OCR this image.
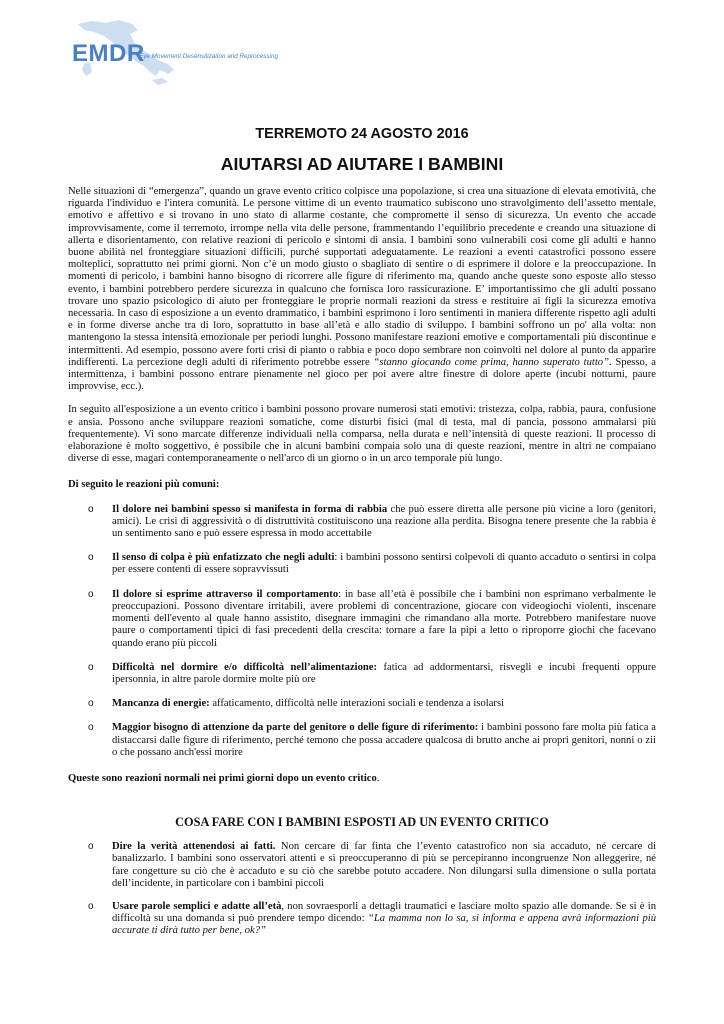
EMDR
Eye Movement Desensitization and Reprocessing
TERREMOTO 24 AGOSTO 2016
AIUTARSI AD AIUTARE I BAMBINI

Nelle situazioni di “emergenza”, quando un grave evento critico colpisce una popolazione, si crea una situazione di elevata emotività, che riguarda l'individuo e l'intera comunità. Le persone vittime di un evento traumatico subiscono uno stravolgimento dell’assetto mentale, emotivo e affettivo e si trovano in uno stato di allarme costante, che compromette il senso di sicurezza. Un evento che accade improvvisamente, come il terremoto, irrompe nella vita delle persone, frammentando l’equilibrio precedente e creando una situazione di allerta e disorientamento, con relative reazioni di pericolo e sintomi di ansia. I bambini sono vulnerabili così come gli adulti e hanno buone abilità nel fronteggiare situazioni difficili, purché supportati adeguatamente. Le reazioni a eventi catastrofici possono essere molteplici, soprattutto nei primi giorni. Non c’è un modo giusto o sbagliato di sentire o di esprimere il dolore e la preoccupazione. In momenti di pericolo, i bambini hanno bisogno di ricorrere alle figure di riferimento ma, quando anche queste sono esposte allo stesso evento, i bambini potrebbero perdere sicurezza in qualcuno che fornisca loro rassicurazione. E’ importantissimo che gli adulti possano trovare uno spazio psicologico di aiuto per fronteggiare le proprie normali reazioni da stress e restituire ai figli la sicurezza emotiva necessaria. In caso di esposizione a un evento drammatico, i bambini esprimono i loro sentimenti in maniera differente rispetto agli adulti e in forme diverse anche tra di loro, soprattutto in base all’età e allo stadio di sviluppo. I bambini soffrono un po' alla volta: non mantengono la stessa intensità emozionale per periodi lunghi. Possono manifestare reazioni emotive e comportamentali più discontinue e intermittenti. Ad esempio, possono avere forti crisi di pianto o rabbia e poco dopo sembrare non coinvolti nel dolore al punto da apparire indifferenti. La percezione degli adulti di riferimento potrebbe essere “stanno giocando come prima, hanno superato tutto”. Spesso, a intermittenza, i bambini possono entrare pienamente nel gioco per poi avere altre finestre di dolore aperte (incubi notturni, paure improvvise, ecc.).

In seguito all'esposizione a un evento critico i bambini possono provare numerosi stati emotivi: tristezza, colpa, rabbia, paura, confusione e ansia. Possono anche sviluppare reazioni somatiche, come disturbi fisici (mal di testa, mal di pancia, possono ammalarsi più frequentemente). Vi sono marcate differenze individuali nella comparsa, nella durata e nell’intensità di queste reazioni. Il processo di elaborazione è molto soggettivo, è possibile che in alcuni bambini compaia solo una di queste reazioni, mentre in altri ne compaiano diverse di esse, magari contemporaneamente o nell'arco di un giorno o in un arco temporale più lungo.

Di seguito le reazioni più comuni:
o Il dolore nei bambini spesso si manifesta in forma di rabbia che può essere diretta alle persone più vicine a loro (genitori, amici). Le crisi di aggressività o di distruttività costituiscono una reazione alla perdita. Bisogna tenere presente che la rabbia è un sentimento sano e può essere espressa in modo accettabile
o Il senso di colpa è più enfatizzato che negli adulti: i bambini possono sentirsi colpevoli di quanto accaduto o sentirsi in colpa per essere contenti di essere sopravvissuti
o Il dolore si esprime attraverso il comportamento: in base all’età è possibile che i bambini non esprimano verbalmente le preoccupazioni. Possono diventare irritabili, avere problemi di concentrazione, giocare con videogiochi violenti, inscenare momenti dell'evento al quale hanno assistito, disegnare immagini che rimandano alla morte. Potrebbero manifestare nuove paure o comportamenti tipici di fasi precedenti della crescita: tornare a fare la pipì a letto o riproporre giochi che facevano quando erano più piccoli
o Difficoltà nel dormire e/o difficoltà nell’alimentazione: fatica ad addormentarsi, risvegli e incubi frequenti oppure ipersonnia, in altre parole dormire molte più ore
o Mancanza di energie: affaticamento, difficoltà nelle interazioni sociali e tendenza a isolarsi
o Maggior bisogno di attenzione da parte del genitore o delle figure di riferimento: i bambini possono fare molta più fatica a distaccarsi dalle figure di riferimento, perché temono che possa accadere qualcosa di brutto anche ai propri genitori, nonni o zii o che possano anch'essi morire
Queste sono reazioni normali nei primi giorni dopo un evento critico.
COSA FARE CON I BAMBINI ESPOSTI AD UN EVENTO CRITICO
o Dire la verità attenendosi ai fatti. Non cercare di far finta che l’evento catastrofico non sia accaduto, né cercare di banalizzarlo. I bambini sono osservatori attenti e si preoccuperanno di più se percepiranno incongruenze Non alleggerire, né fare congetture su ciò che è accaduto e su ciò che sarebbe potuto accadere. Non dilungarsi sulla dimensione o sulla portata dell’incidente, in particolare con i bambini piccoli
o Usare parole semplici e adatte all’età, non sovraesporli a dettagli traumatici e lasciare molto spazio alle domande. Se si è in difficoltà su una domanda si può prendere tempo dicendo: “La mamma non lo sa, si informa e appena avrà informazioni più accurate ti dirà tutto per bene, ok?”
